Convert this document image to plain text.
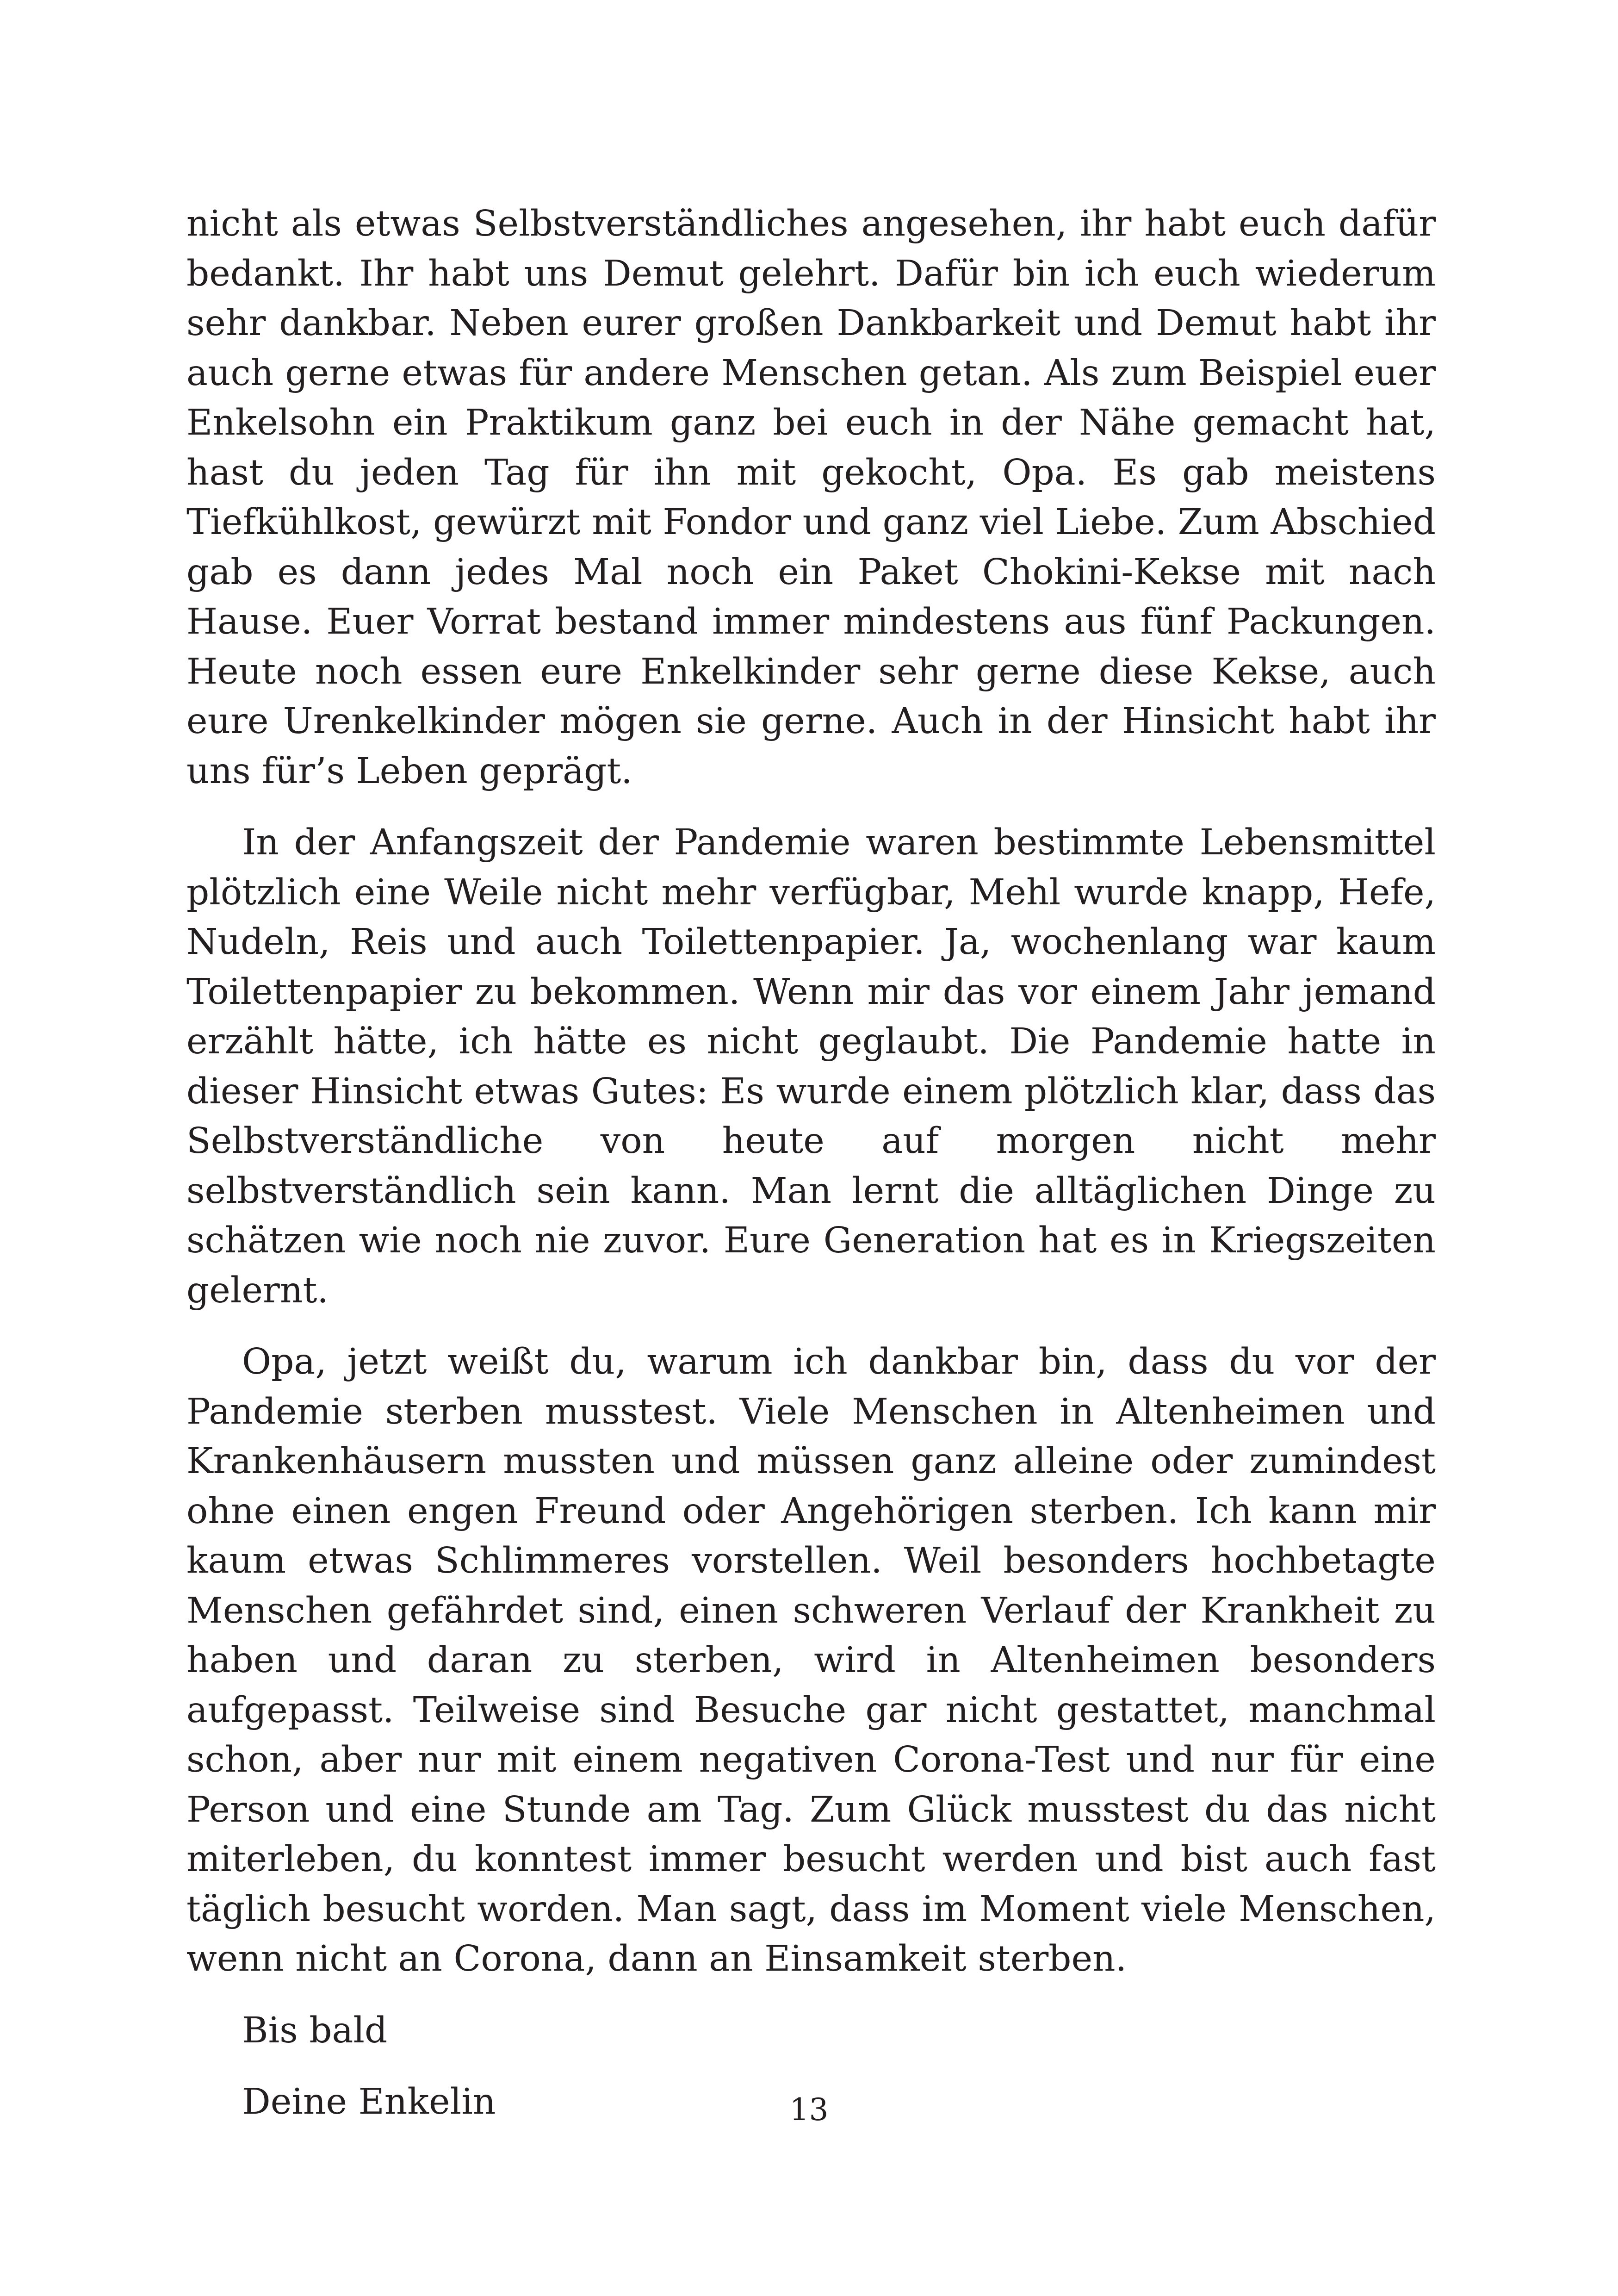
nicht als etwas Selbstverständliches angesehen, ihr habt euch dafür bedankt. Ihr habt uns Demut gelehrt. Dafür bin ich euch wiederum sehr dankbar. Neben eurer großen Dankbarkeit und Demut habt ihr auch gerne etwas für andere Menschen getan. Als zum Beispiel euer Enkelsohn ein Praktikum ganz bei euch in der Nähe gemacht hat, hast du jeden Tag für ihn mit gekocht, Opa. Es gab meistens Tiefkühlkost, gewürzt mit Fondor und ganz viel Liebe. Zum Abschied gab es dann jedes Mal noch ein Paket Chokini-Kekse mit nach Hause. Euer Vorrat bestand immer mindestens aus fünf Packungen. Heute noch essen eure Enkelkinder sehr gerne diese Kekse, auch eure Urenkelkinder mögen sie gerne. Auch in der Hinsicht habt ihr uns für’s Leben geprägt.

In der Anfangszeit der Pandemie waren bestimmte Lebensmittel plötzlich eine Weile nicht mehr verfügbar, Mehl wurde knapp, Hefe, Nudeln, Reis und auch Toilettenpapier. Ja, wochenlang war kaum Toilettenpapier zu bekommen. Wenn mir das vor einem Jahr jemand erzählt hätte, ich hätte es nicht geglaubt. Die Pandemie hatte in dieser Hinsicht etwas Gutes: Es wurde einem plötzlich klar, dass das Selbstverständliche von heute auf morgen nicht mehr selbstverständlich sein kann. Man lernt die alltäglichen Dinge zu schätzen wie noch nie zuvor. Eure Generation hat es in Kriegszeiten gelernt.

Opa, jetzt weißt du, warum ich dankbar bin, dass du vor der Pandemie sterben musstest. Viele Menschen in Altenheimen und Krankenhäusern mussten und müssen ganz alleine oder zumindest ohne einen engen Freund oder Angehörigen sterben. Ich kann mir kaum etwas Schlimmeres vorstellen. Weil besonders hochbetagte Menschen gefährdet sind, einen schweren Verlauf der Krankheit zu haben und daran zu sterben, wird in Altenheimen besonders aufgepasst. Teilweise sind Besuche gar nicht gestattet, manchmal schon, aber nur mit einem negativen Corona-Test und nur für eine Person und eine Stunde am Tag. Zum Glück musstest du das nicht miterleben, du konntest immer besucht werden und bist auch fast täglich besucht worden. Man sagt, dass im Moment viele Menschen, wenn nicht an Corona, dann an Einsamkeit sterben.

Bis bald

Deine Enkelin	13
